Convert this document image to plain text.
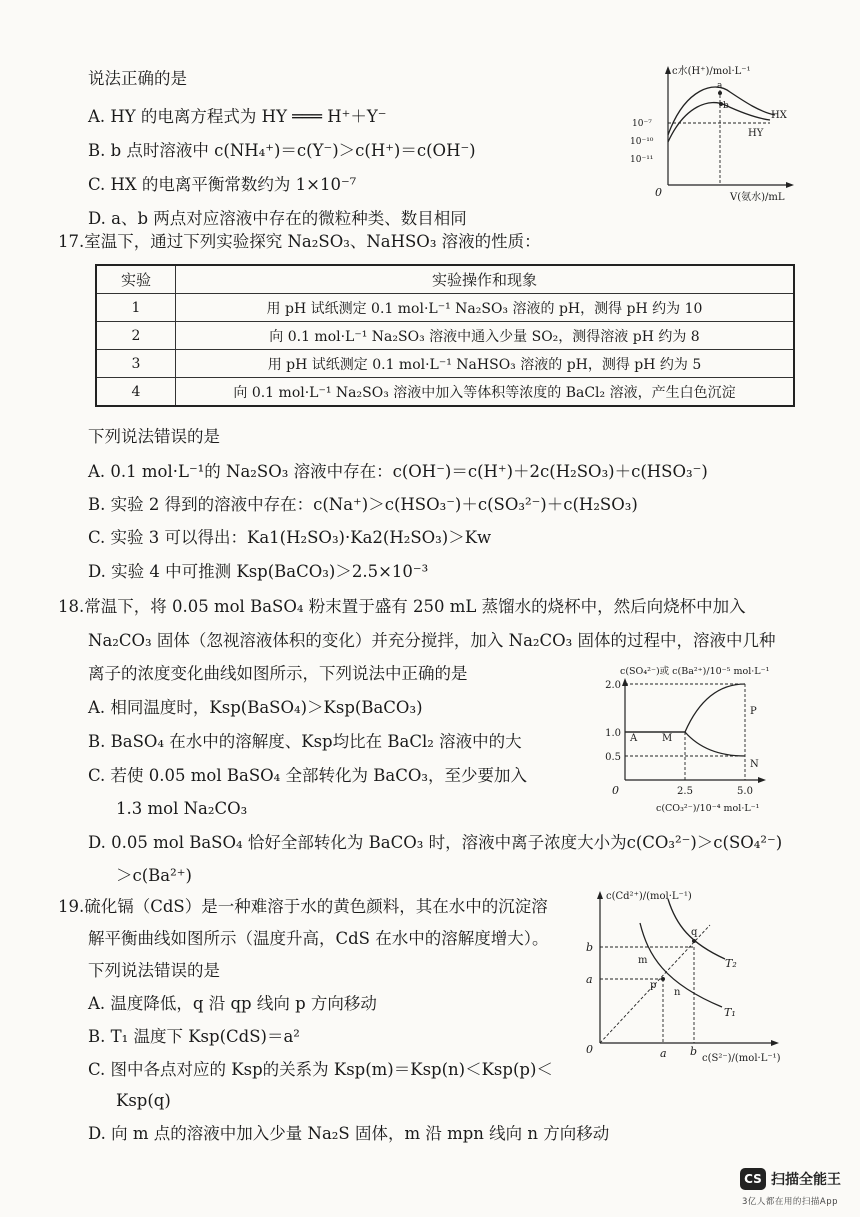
说法正确的是
A. HY 的电离方程式为 HY ═══ H⁺＋Y⁻
B. b 点时溶液中 c(NH₄⁺)＝c(Y⁻)＞c(H⁺)＝c(OH⁻)
C. HX 的电离平衡常数约为 1×10⁻⁷
D. a、b 两点对应溶液中存在的微粒种类、数目相同
c水(H⁺)/mol·L⁻¹
V(氨水)/mL
0
10⁻⁷
10⁻¹⁰
10⁻¹¹
a
b
HX
HY
17.室温下，通过下列实验探究 Na₂SO₃、NaHSO₃ 溶液的性质：
实验	实验操作和现象
1	用 pH 试纸测定 0.1 mol·L⁻¹ Na₂SO₃ 溶液的 pH，测得 pH 约为 10
2	向 0.1 mol·L⁻¹ Na₂SO₃ 溶液中通入少量 SO₂，测得溶液 pH 约为 8
3	用 pH 试纸测定 0.1 mol·L⁻¹ NaHSO₃ 溶液的 pH，测得 pH 约为 5
4	向 0.1 mol·L⁻¹ Na₂SO₃ 溶液中加入等体积等浓度的 BaCl₂ 溶液，产生白色沉淀
下列说法错误的是
A. 0.1 mol·L⁻¹的 Na₂SO₃ 溶液中存在：c(OH⁻)＝c(H⁺)＋2c(H₂SO₃)＋c(HSO₃⁻)
B. 实验 2 得到的溶液中存在：c(Na⁺)＞c(HSO₃⁻)＋c(SO₃²⁻)＋c(H₂SO₃)
C. 实验 3 可以得出：Ka1(H₂SO₃)·Ka2(H₂SO₃)＞Kw
D. 实验 4 中可推测 Ksp(BaCO₃)＞2.5×10⁻³
18.常温下，将 0.05 mol BaSO₄ 粉末置于盛有 250 mL 蒸馏水的烧杯中，然后向烧杯中加入
Na₂CO₃ 固体（忽视溶液体积的变化）并充分搅拌，加入 Na₂CO₃ 固体的过程中，溶液中几种
离子的浓度变化曲线如图所示，下列说法中正确的是
A. 相同温度时，Ksp(BaSO₄)＞Ksp(BaCO₃)
B. BaSO₄ 在水中的溶解度、Ksp均比在 BaCl₂ 溶液中的大
C. 若使 0.05 mol BaSO₄ 全部转化为 BaCO₃，至少要加入
1.3 mol Na₂CO₃
D. 0.05 mol BaSO₄ 恰好全部转化为 BaCO₃ 时，溶液中离子浓度大小为c(CO₃²⁻)＞c(SO₄²⁻)
＞c(Ba²⁺)
c(SO₄²⁻)或 c(Ba²⁺)/10⁻⁵ mol·L⁻¹
c(CO₃²⁻)/10⁻⁴ mol·L⁻¹
0
2.0
1.0
0.5
2.5	5.0
A M
P
N
19.硫化镉（CdS）是一种难溶于水的黄色颜料，其在水中的沉淀溶
解平衡曲线如图所示（温度升高，CdS 在水中的溶解度增大）。
下列说法错误的是
A. 温度降低，q 沿 qp 线向 p 方向移动
B. T₁ 温度下 Ksp(CdS)＝a²
C. 图中各点对应的 Ksp的关系为 Ksp(m)＝Ksp(n)＜Ksp(p)＜
Ksp(q)
D. 向 m 点的溶液中加入少量 Na₂S 固体，m 沿 mpn 线向 n 方向移动
c(Cd²⁺)/(mol·L⁻¹)
c(S²⁻)/(mol·L⁻¹)
0
b
a
a b
q
m
p
n
T₂
T₁
CS 扫描全能王
3亿人都在用的扫描App
